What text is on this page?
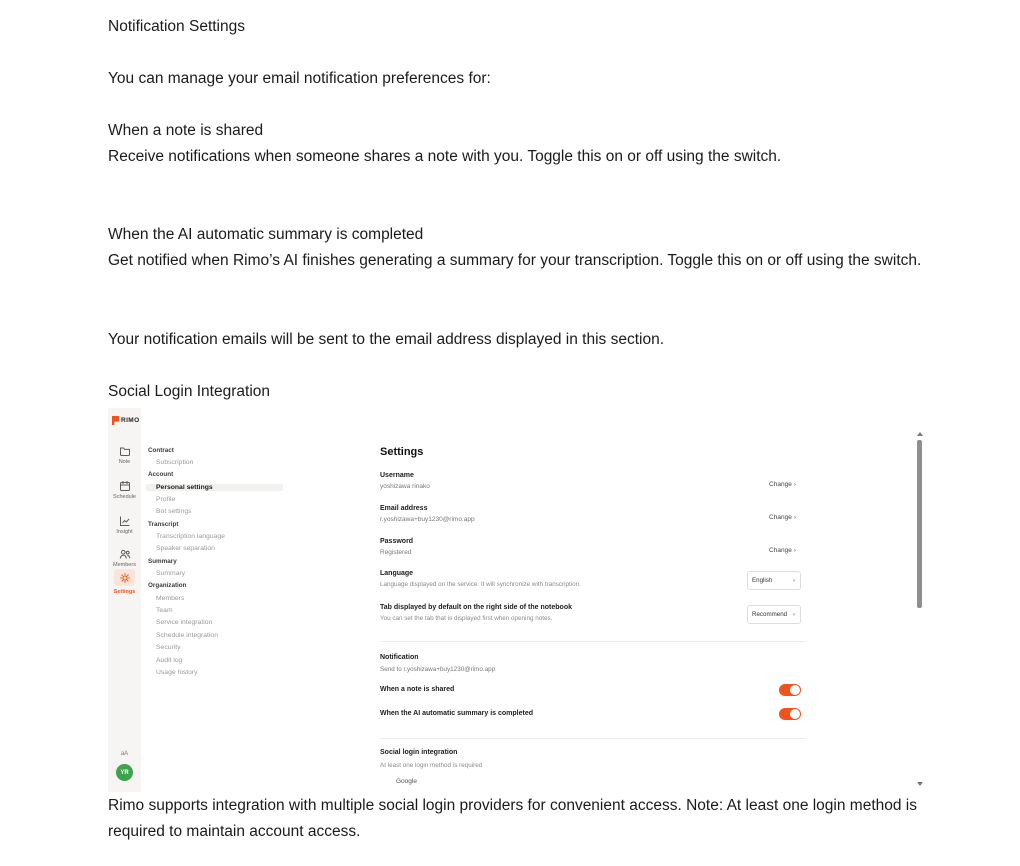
Notification Settings

You can manage your email notification preferences for:

When a note is shared
Receive notifications when someone shares a note with you. Toggle this on or off using the switch.

When the AI automatic summary is completed
Get notified when Rimo’s AI finishes generating a summary for your transcription. Toggle this on or off using the switch.

Your notification emails will be sent to the email address displayed in this section.

Social Login Integration

Rimo supports integration with multiple social login providers for convenient access. Note: At least one login method is required to maintain account access.

RIMO
Note
Schedule
Insight
Members
Settings
aA
YR
Contract
Subscription
Account
Personal settings
Profile
Bot settings
Transcript
Transcription language
Speaker separation
Summary
Summary
Organization
Members
Team
Service integration
Schedule integration
Security
Audit log
Usage history
Settings
Username
yoshizawa rinako	Change ›
Email address
r.yoshizawa+buy1230@rimo.app	Change ›
Password
Registered	Change ›
Language
Language displayed on the service. It will synchronize with transcription.
English	∨
Tab displayed by default on the right side of the notebook
You can set the tab that is displayed first when opening notes.
Recommend ∨
Notification
Send to r.yoshizawa+buy1230@rimo.app
When a note is shared
When the AI automatic summary is completed
Social login integration
At least one login method is required
Google
